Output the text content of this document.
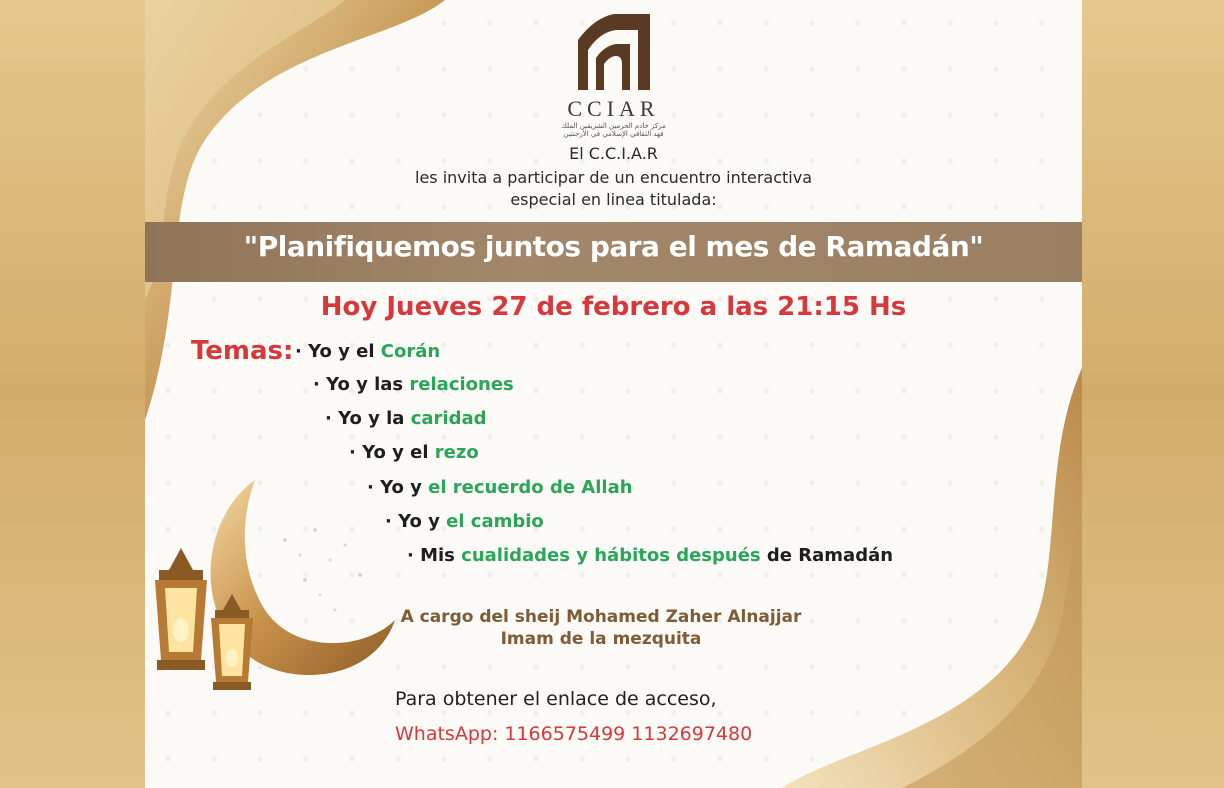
CCIAR
مركز خادم الحرمين الشريفين الملك فهد الثقافي الإسلامي في الأرجنتين
El C.C.I.A.R
les invita a participar de un encuentro interactiva
especial en linea titulada:
"Planifiquemos juntos para el mes de Ramadán"
Hoy Jueves 27 de febrero a las 21:15 Hs
Temas: · Yo y el Corán
· Yo y las relaciones
· Yo y la caridad
· Yo y el rezo
· Yo y el recuerdo de Allah
· Yo y el cambio
· Mis cualidades y hábitos después de Ramadán
A cargo del sheij Mohamed Zaher Alnajjar
Imam de la mezquita
Para obtener el enlace de acceso,
WhatsApp: 1166575499 1132697480
